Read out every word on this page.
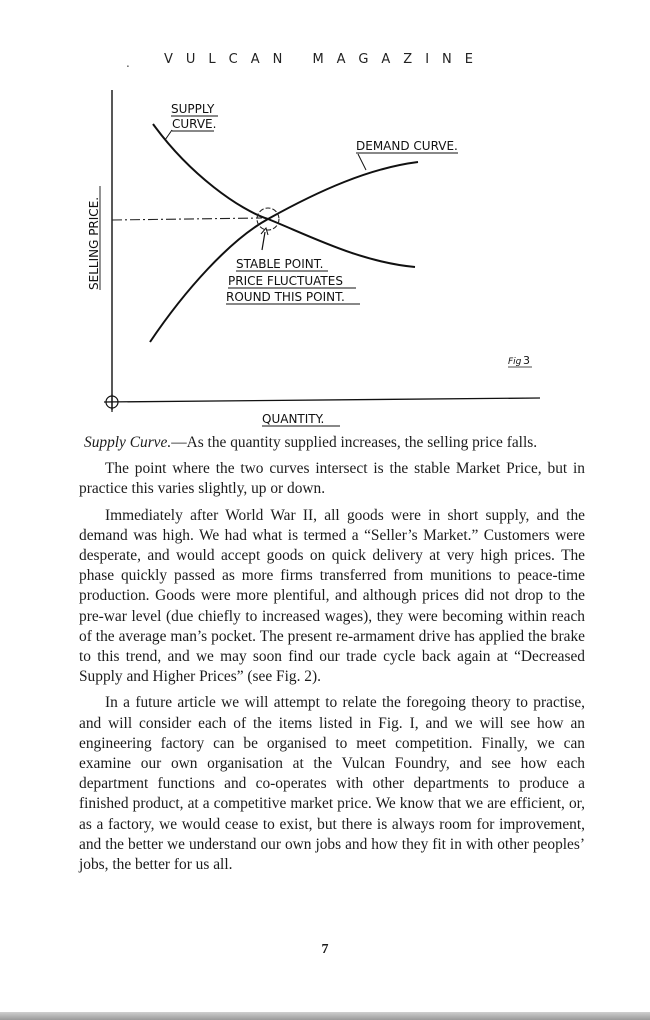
.	VULCAN MAGAZINE
SUPPLY
CURVE.
DEMAND CURVE.
STABLE POINT.
PRICE FLUCTUATES
ROUND THIS POINT.
SELLING PRICE.
QUANTITY.
Fig 3

Supply Curve.—As the quantity supplied increases, the selling price falls.

The point where the two curves intersect is the stable Market Price, but in practice this varies slightly, up or down.

Immediately after World War II, all goods were in short supply, and the demand was high. We had what is termed a “Seller’s Market.” Customers were desperate, and would accept goods on quick delivery at very high prices. The phase quickly passed as more firms transferred from munitions to peace-time production. Goods were more plentiful, and although prices did not drop to the pre-war level (due chiefly to increased wages), they were becoming within reach of the average man’s pocket. The present re-armament drive has applied the brake to this trend, and we may soon find our trade cycle back again at “Decreased Supply and Higher Prices” (see Fig. 2).

In a future article we will attempt to relate the foregoing theory to practise, and will consider each of the items listed in Fig. I, and we will see how an engineering factory can be organised to meet competition. Finally, we can examine our own organisation at the Vulcan Foundry, and see how each department functions and co-operates with other departments to produce a finished product, at a competitive market price. We know that we are efficient, or, as a factory, we would cease to exist, but there is always room for improvement, and the better we understand our own jobs and how they fit in with other peoples’ jobs, the better for us all.

7
